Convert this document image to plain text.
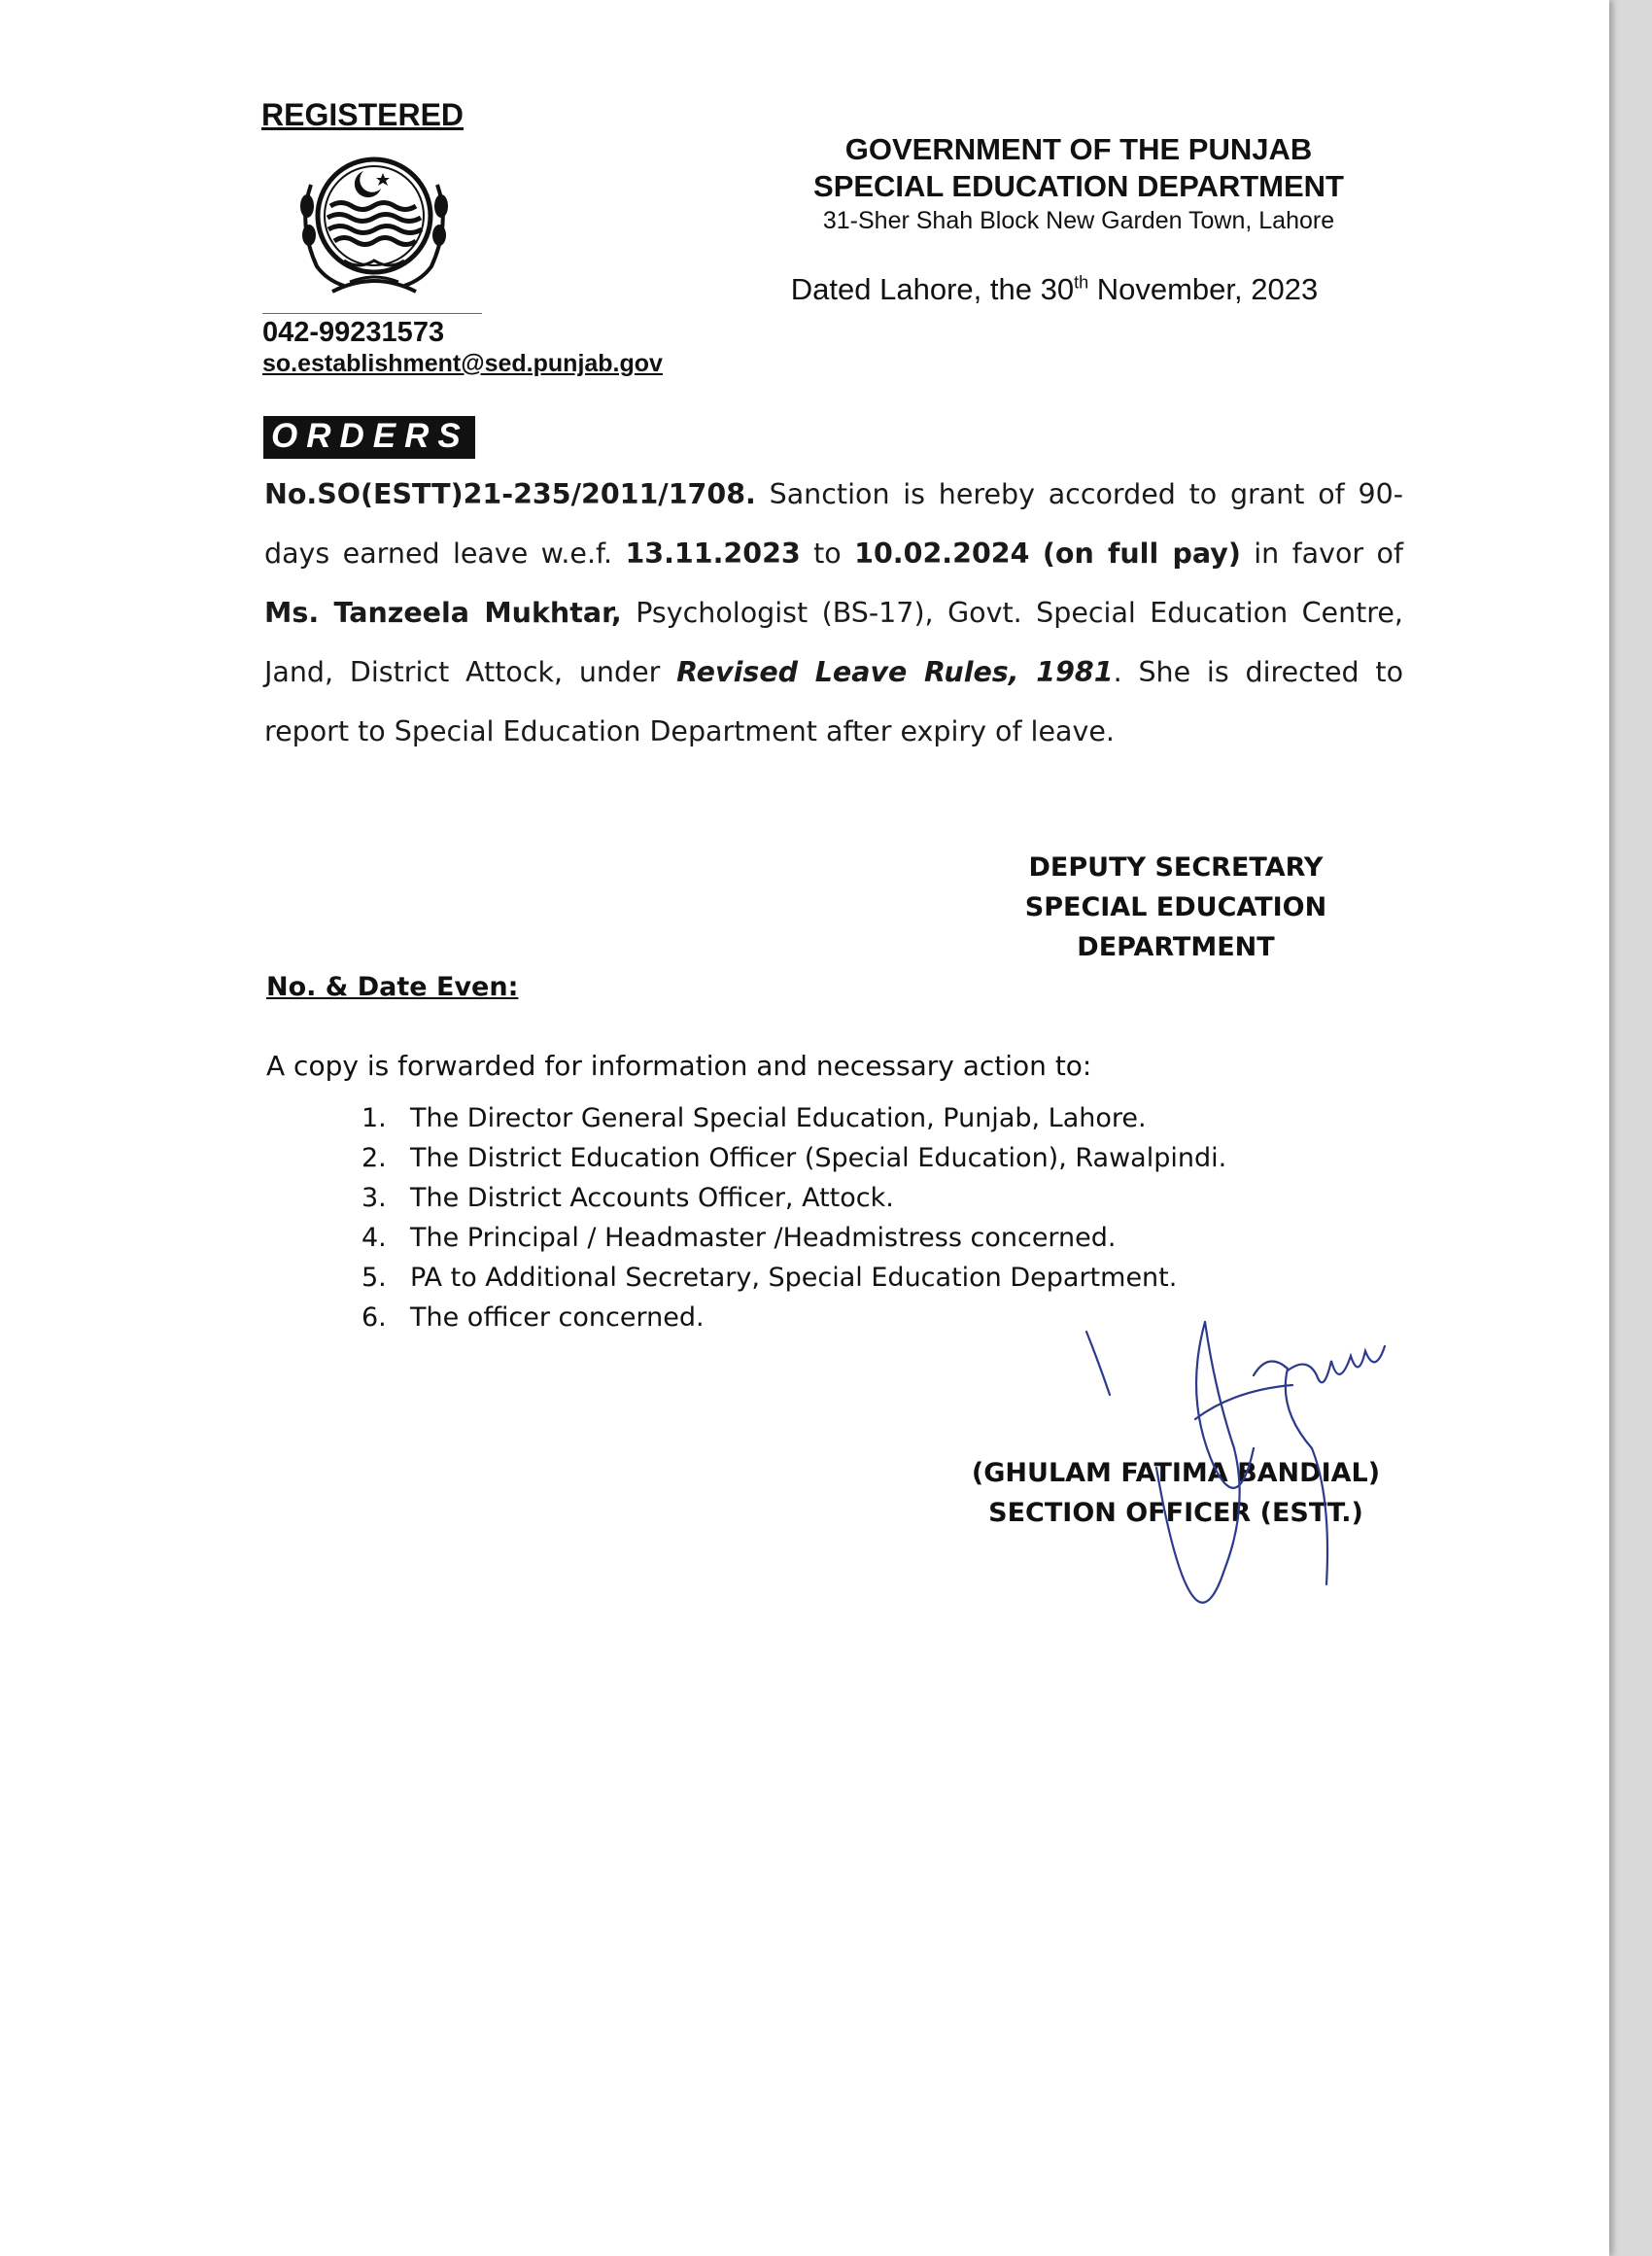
REGISTERED
042-99231573
so.establishment@sed.punjab.gov
GOVERNMENT OF THE PUNJAB
SPECIAL EDUCATION DEPARTMENT
31-Sher Shah Block New Garden Town, Lahore
Dated Lahore, the 30th November, 2023
ORDERS
No.SO(ESTT)21-235/2011/1708. Sanction is hereby accorded to grant of 90-days earned leave w.e.f. 13.11.2023 to 10.02.2024 (on full pay) in favor of Ms. Tanzeela Mukhtar, Psychologist (BS-17), Govt. Special Education Centre, Jand, District Attock, under Revised Leave Rules, 1981. She is directed to report to Special Education Department after expiry of leave.
DEPUTY SECRETARY
SPECIAL EDUCATION
DEPARTMENT
No. & Date Even:
A copy is forwarded for information and necessary action to:
1. The Director General Special Education, Punjab, Lahore.
2. The District Education Officer (Special Education), Rawalpindi.
3. The District Accounts Officer, Attock.
4. The Principal / Headmaster /Headmistress concerned.
5. PA to Additional Secretary, Special Education Department.
6. The officer concerned.
(GHULAM FATIMA BANDIAL)
SECTION OFFICER (ESTT.)
